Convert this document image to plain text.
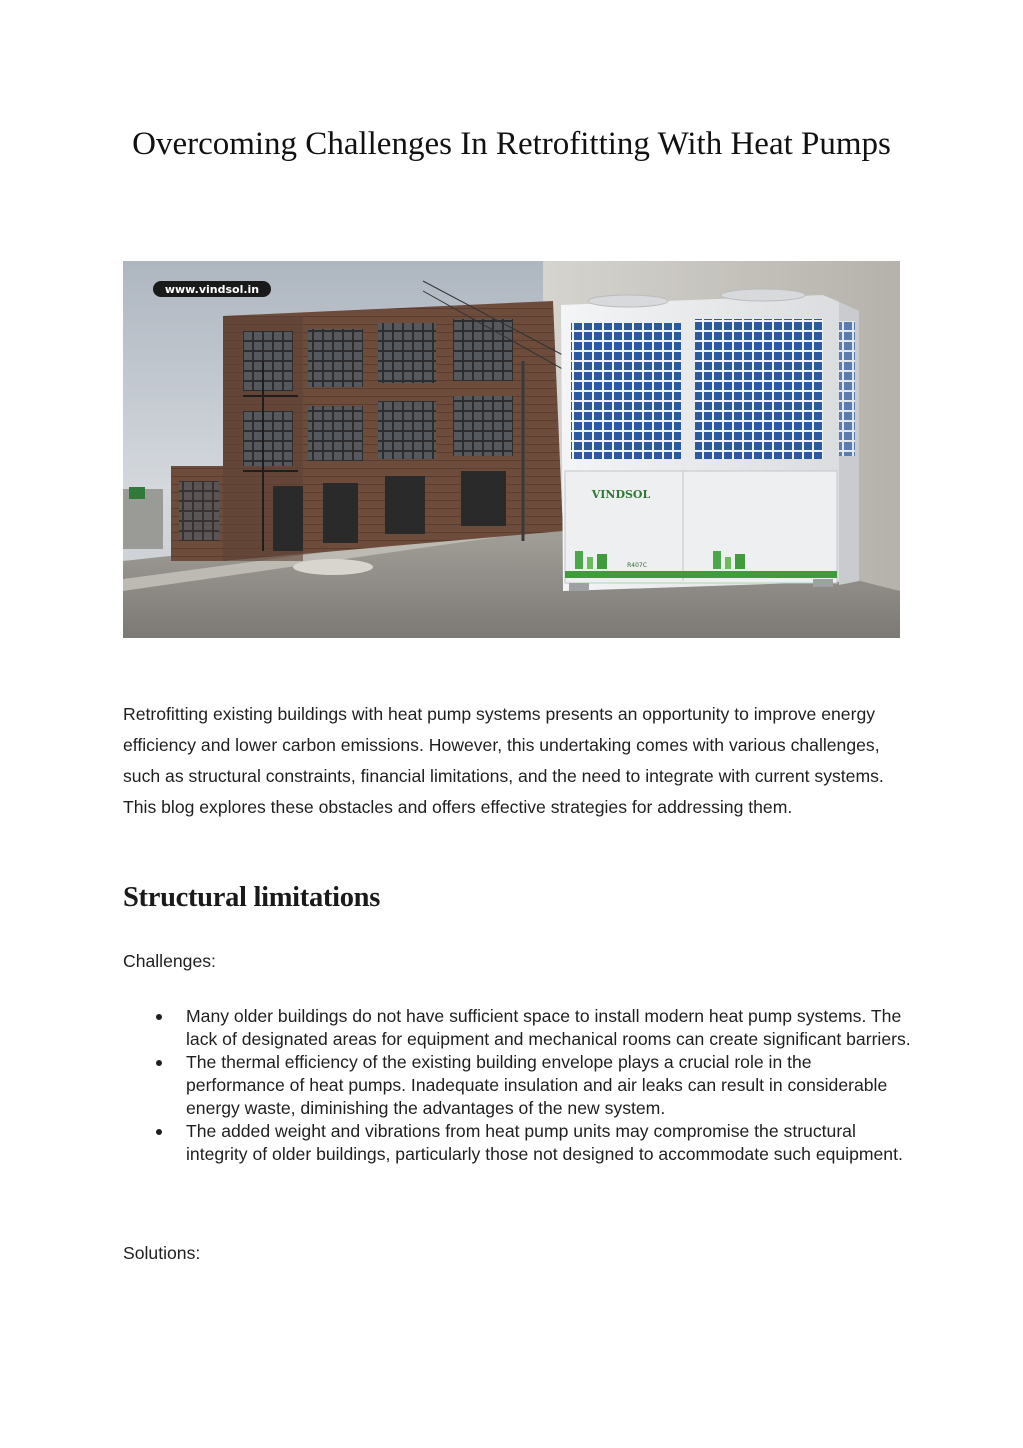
Overcoming Challenges In Retrofitting With Heat Pumps
www.vindsol.in
VINDSOL
R407C

Retrofitting existing buildings with heat pump systems presents an opportunity to improve energy efficiency and lower carbon emissions. However, this undertaking comes with various challenges, such as structural constraints, financial limitations, and the need to integrate with current systems. This blog explores these obstacles and offers effective strategies for addressing them.

Structural limitations

Challenges:

Many older buildings do not have sufficient space to install modern heat pump systems. The lack of designated areas for equipment and mechanical rooms can create significant barriers.
The thermal efficiency of the existing building envelope plays a crucial role in the performance of heat pumps. Inadequate insulation and air leaks can result in considerable energy waste, diminishing the advantages of the new system.
The added weight and vibrations from heat pump units may compromise the structural integrity of older buildings, particularly those not designed to accommodate such equipment.

Solutions:
